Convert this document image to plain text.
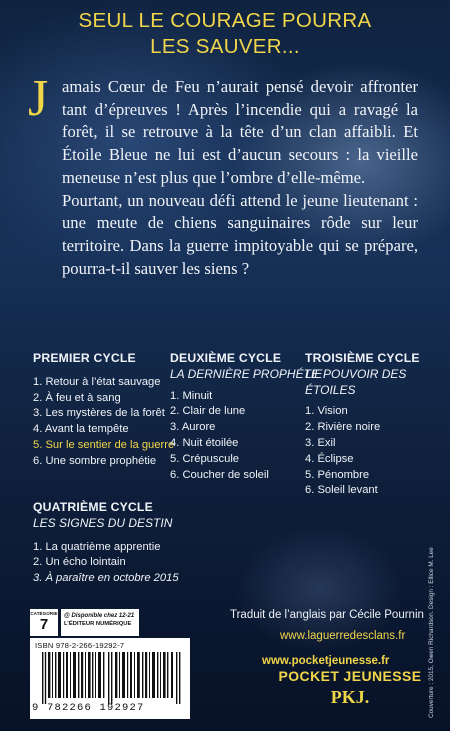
SEUL LE COURAGE POURRA
LES SAUVER...

Jamais Cœur de Feu n’aurait pensé devoir affronter tant d’épreuves ! Après l’incendie qui a ravagé la forêt, il se retrouve à la tête d’un clan affaibli. Et Étoile Bleue ne lui est d’aucun secours : la vieille meneuse n’est plus que l’ombre d’elle-même.

Pourtant, un nouveau défi attend le jeune lieutenant : une meute de chiens sanguinaires rôde sur leur territoire. Dans la guerre impitoyable qui se prépare, pourra-t-il sauver les siens ?

PREMIER CYCLE
1. Retour à l’état sauvage
2. À feu et à sang
3. Les mystères de la forêt
4. Avant la tempête
5. Sur le sentier de la guerre
6. Une sombre prophétie
DEUXIÈME CYCLE
LA DERNIÈRE PROPHÉTIE
1. Minuit
2. Clair de lune
3. Aurore
4. Nuit étoilée
5. Crépuscule
6. Coucher de soleil
TROISIÈME CYCLE
LE POUVOIR DES ÉTOILES
1. Vision
2. Rivière noire
3. Exil
4. Éclipse
5. Pénombre
6. Soleil levant
QUATRIÈME CYCLE
LES SIGNES DU DESTIN
1. La quatrième apprentie
2. Un écho lointain
3. À paraître en octobre 2015
CATÉGORIE
7	@ Disponible chez 12-21
L’ÉDITEUR NUMÉRIQUE
ISBN 978-2-266-19292-7
9 782266 192927
Traduit de l’anglais par Cécile Pournin
www.laguerredesclans.fr
www.pocketjeunesse.fr
POCKET JEUNESSE
PKJ.	Couverture : 2015, Owen Richardson. Design : Ellice M. Lee
